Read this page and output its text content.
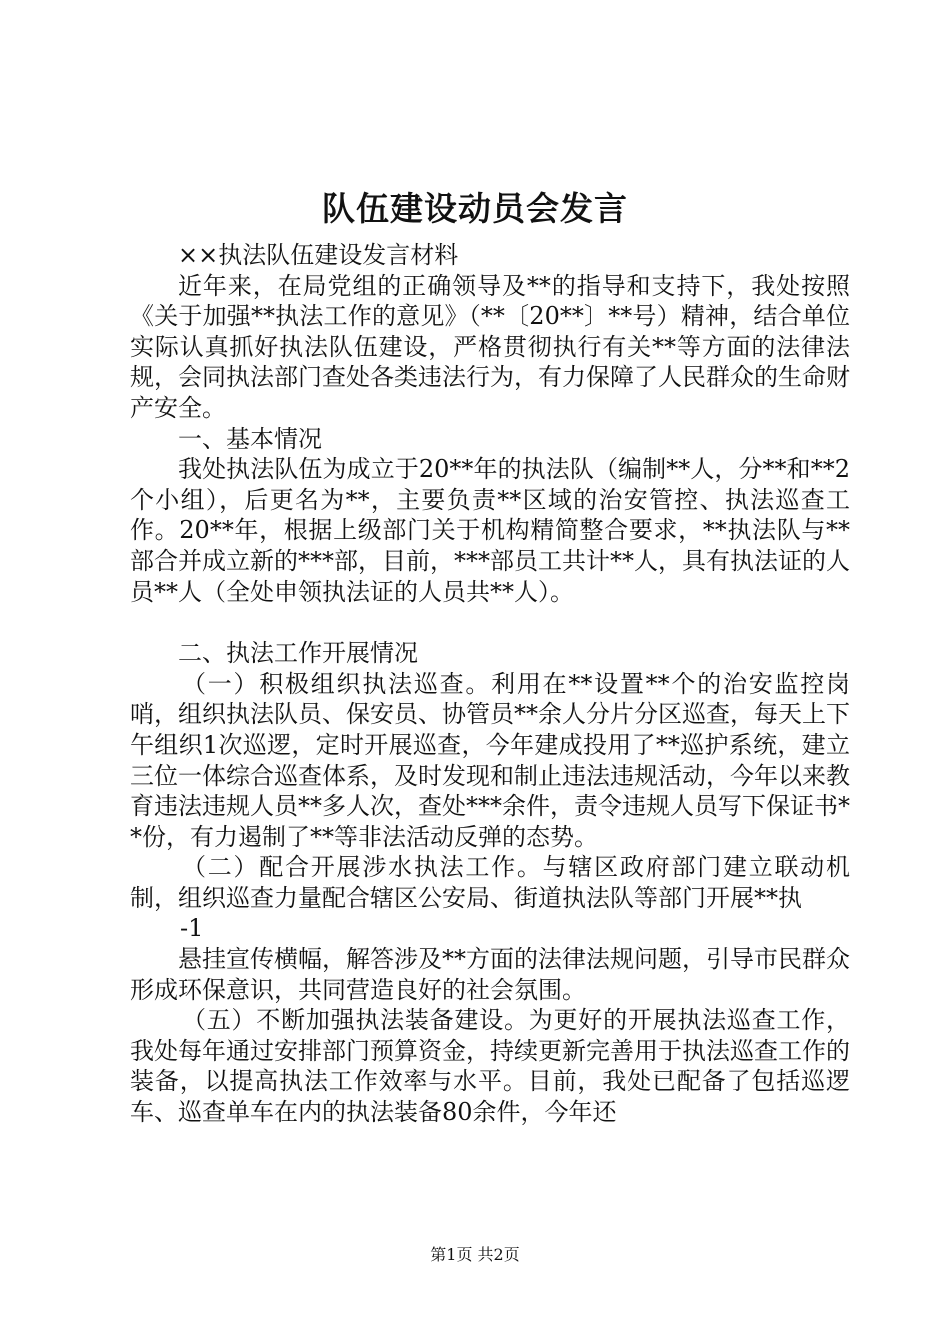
队伍建设动员会发言

××执法队伍建设发言材料

近年来，在局党组的正确领导及**的指导和支持下，我处按照《关于加强**执法工作的意见》（**〔20**〕**号）精神，结合单位实际认真抓好执法队伍建设，严格贯彻执行有关**等方面的法律法规，会同执法部门查处各类违法行为，有力保障了人民群众的生命财产安全。

一、基本情况

我处执法队伍为成立于20**年的执法队（编制**人，分**和**2个小组），后更名为**，主要负责**区域的治安管控、执法巡查工作。20**年，根据上级部门关于机构精简整合要求，**执法队与**部合并成立新的***部，目前，***部员工共计**人，具有执法证的人员**人（全处申领执法证的人员共**人）。

二、执法工作开展情况

（一）积极组织执法巡查。利用在**设置**个的治安监控岗哨，组织执法队员、保安员、协管员**余人分片分区巡查，每天上下午组织1次巡逻，定时开展巡查，今年建成投用了**巡护系统，建立三位一体综合巡查体系，及时发现和制止违法违规活动，今年以来教育违法违规人员**多人次，查处***余件，责令违规人员写下保证书**份，有力遏制了**等非法活动反弹的态势。

（二）配合开展涉水执法工作。与辖区政府部门建立联动机制，组织巡查力量配合辖区公安局、街道执法队等部门开展**执

-1

悬挂宣传横幅，解答涉及**方面的法律法规问题，引导市民群众形成环保意识，共同营造良好的社会氛围。

（五）不断加强执法装备建设。为更好的开展执法巡查工作，我处每年通过安排部门预算资金，持续更新完善用于执法巡查工作的装备，以提高执法工作效率与水平。目前，我处已配备了包括巡逻车、巡查单车在内的执法装备80余件，今年还

第1页 共2页
